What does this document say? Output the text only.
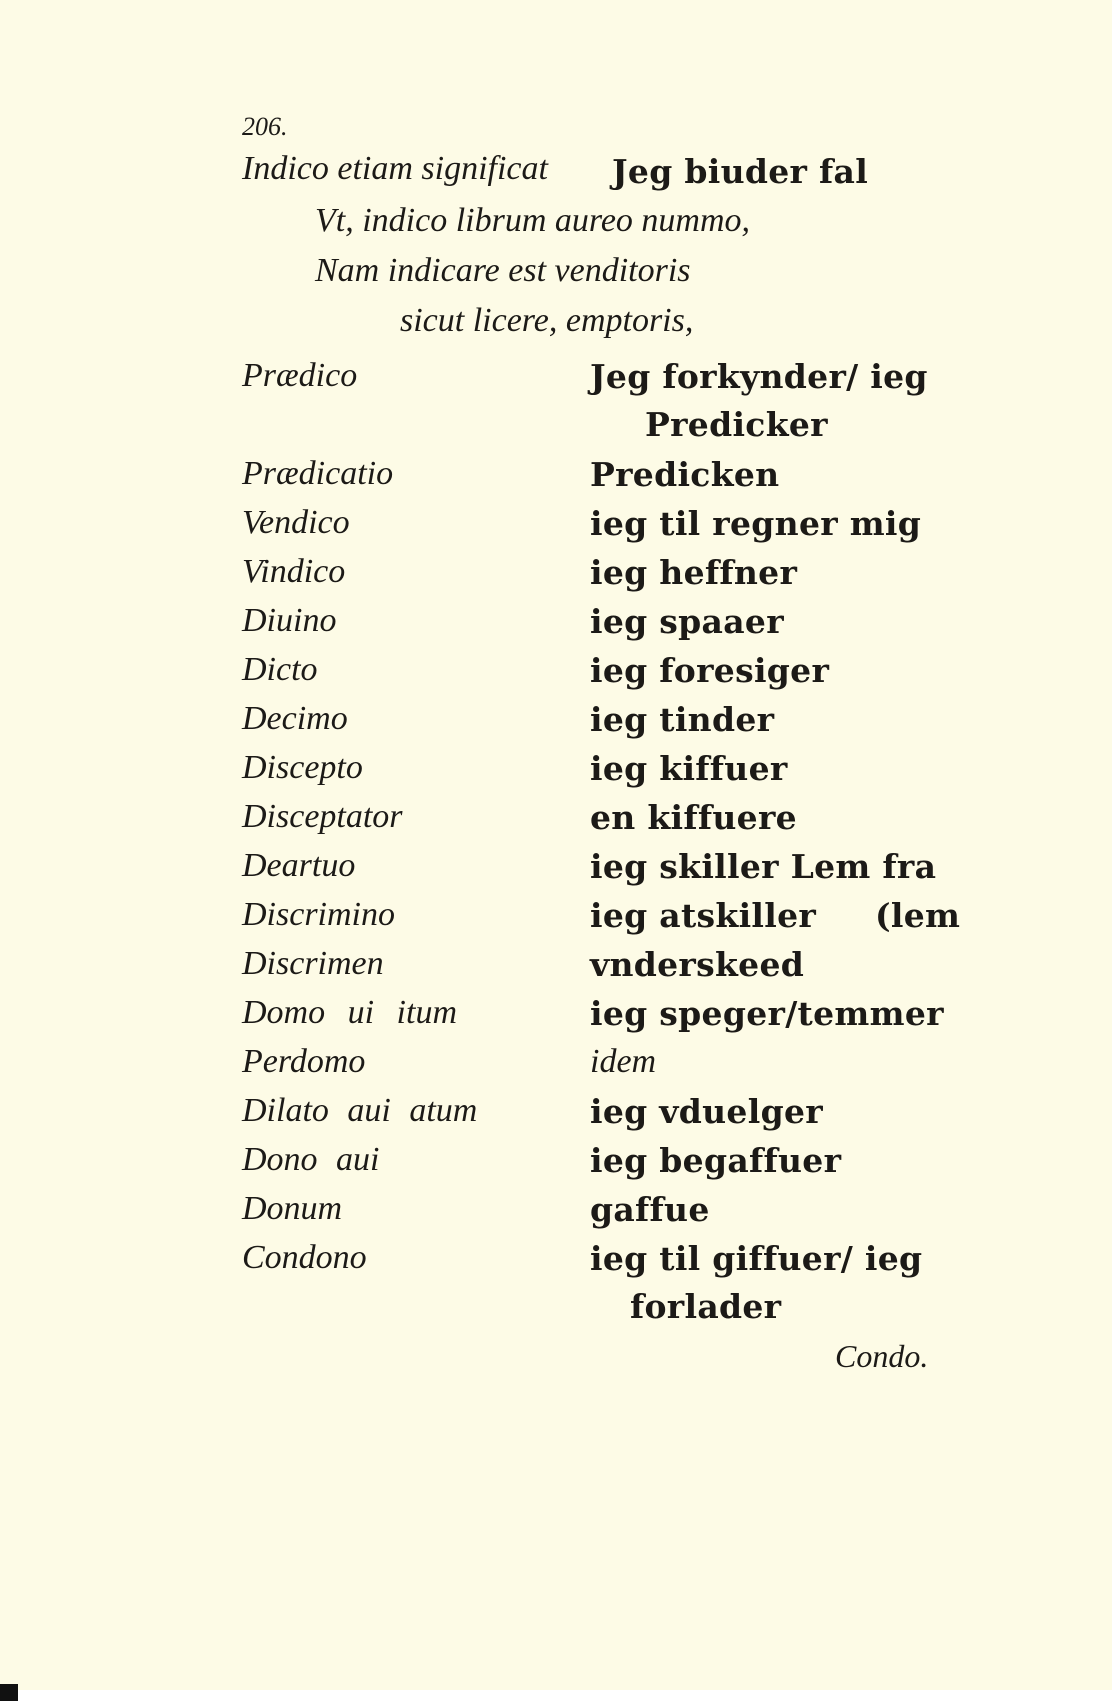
206.
Indico etiam significat Jeg biuder fal
Vt, indico librum aureo nummo,
Nam indicare est venditoris
sicut licere, emptoris,
Prædico	Jeg forkynder/ ieg
Predicker
Prædicatio	Predicken
Vendico	ieg til regner mig
Vindico	ieg heffner
Diuino	ieg spaaer
Dicto	ieg foresiger
Decimo	ieg tinder
Discepto	ieg kiffuer
Disceptator	en kiffuere
Deartuo	ieg skiller Lem fra
Discrimino	ieg atskiller     (lem
Discrimen	vnderskeed
Domo ui itum	ieg speger/temmer
Perdomo	idem
Dilato aui atum	ieg vduelger
Dono aui	ieg begaffuer
Donum	gaffue
Condono	ieg til giffuer/ ieg
forlader
Condo.
